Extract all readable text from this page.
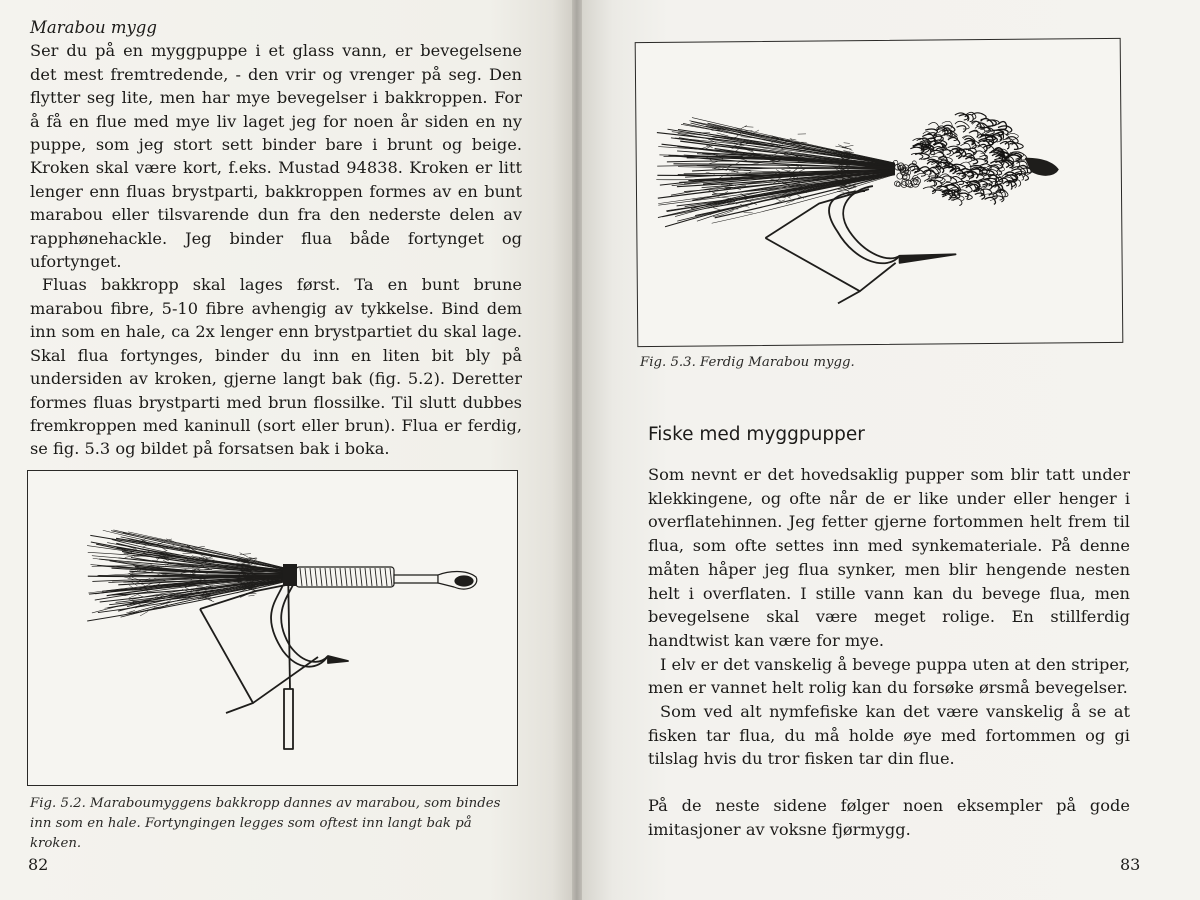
Marabou mygg

Ser du på en myggpuppe i et glass vann, er bevegelsene det mest fremtredende, - den vrir og vrenger på seg. Den flytter seg lite, men har mye bevegelser i bakkroppen. For å få en flue med mye liv laget jeg for noen år siden en ny puppe, som jeg stort sett binder bare i brunt og beige. Kroken skal være kort, f.eks. Mustad 94838. Kroken er litt lenger enn fluas brystparti, bakkroppen formes av en bunt marabou eller tilsvarende dun fra den nederste delen av rapphønehackle. Jeg binder flua både fortynget og ufortynget.

Fluas bakkropp skal lages først. Ta en bunt brune marabou fibre, 5-10 fibre avhengig av tykkelse. Bind dem inn som en hale, ca 2x lenger enn brystpartiet du skal lage. Skal flua fortynges, binder du inn en liten bit bly på undersiden av kroken, gjerne langt bak (fig. 5.2). Deretter formes fluas brystparti med brun flossilke. Til slutt dubbes fremkroppen med kaninull (sort eller brun). Flua er ferdig, se fig. 5.3 og bildet på forsatsen bak i boka.

Fig. 5.2. Maraboumyggens bakkropp dannes av marabou, som bindes inn som en hale. Fortyngingen legges som oftest inn langt bak på kroken.
82
Fig. 5.3. Ferdig Marabou mygg.
Fiske med myggpupper

Som nevnt er det hovedsaklig pupper som blir tatt under klekkingene, og ofte når de er like under eller henger i overflatehinnen. Jeg fetter gjerne fortommen helt frem til flua, som ofte settes inn med synkemateriale. På denne måten håper jeg flua synker, men blir hengende nesten helt i overflaten. I stille vann kan du bevege flua, men bevegelsene skal være meget rolige. En stillferdig handtwist kan være for mye.

I elv er det vanskelig å bevege puppa uten at den striper, men er vannet helt rolig kan du forsøke ørsmå bevegelser.

Som ved alt nymfefiske kan det være vanskelig å se at fisken tar flua, du må holde øye med fortommen og gi tilslag hvis du tror fisken tar din flue.

På de neste sidene følger noen eksempler på gode imitasjoner av voksne fjørmygg.

83
